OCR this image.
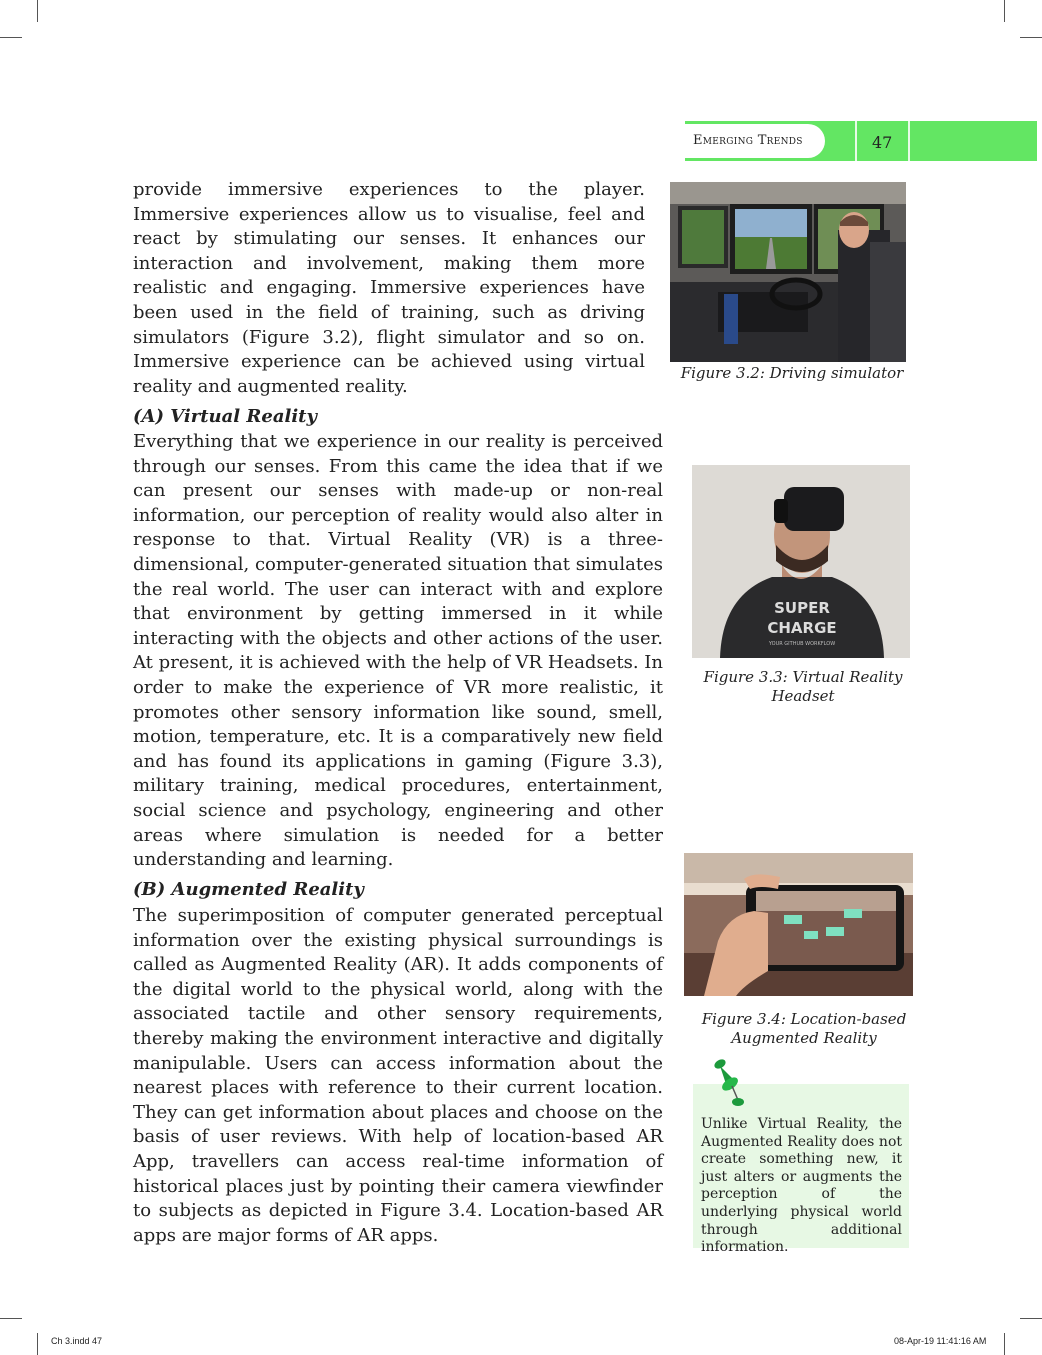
Emerging Trends	47

provide immersive experiences to the player. Immersive experiences allow us to visualise, feel and react by stimulating our senses. It enhances our interaction and involvement, making them more realistic and engaging. Immersive experiences have been used in the field of training, such as driving simulators (Figure 3.2), flight simulator and so on. Immersive experience can be achieved using virtual reality and augmented reality.

(A) Virtual Reality

Everything that we experience in our reality is perceived through our senses. From this came the idea that if we can present our senses with made-up or non-real information, our perception of reality would also alter in response to that. Virtual Reality (VR) is a three-dimensional, computer-generated situation that simulates the real world. The user can interact with and explore that environment by getting immersed in it while interacting with the objects and other actions of the user. At present, it is achieved with the help of VR Headsets. In order to make the experience of VR more realistic, it promotes other sensory information like sound, smell, motion, temperature, etc. It is a comparatively new field and has found its applications in gaming (Figure 3.3), military training, medical procedures, entertainment, social science and psychology, engineering and other areas where simulation is needed for a better understanding and learning.

(B) Augmented Reality

The superimposition of computer generated perceptual information over the existing physical surroundings is called as Augmented Reality (AR). It adds components of the digital world to the physical world, along with the associated tactile and other sensory requirements, thereby making the environment interactive and digitally manipulable. Users can access information about the nearest places with reference to their current location. They can get information about places and choose on the basis of user reviews. With help of location-based AR App, travellers can access real-time information of historical places just by pointing their camera viewfinder to subjects as depicted in Figure 3.4. Location-based AR apps are major forms of AR apps.

Figure 3.2: Driving simulator
SUPER
CHARGE
YOUR GITHUB WORKFLOW
Figure 3.3: Virtual Reality
Headset
Figure 3.4: Location-based
Augmented Reality

Unlike Virtual Reality, the Augmented Reality does not create something new, it just alters or augments the perception of the underlying physical world through additional information.

Ch 3.indd 47	08-Apr-19 11:41:16 AM
